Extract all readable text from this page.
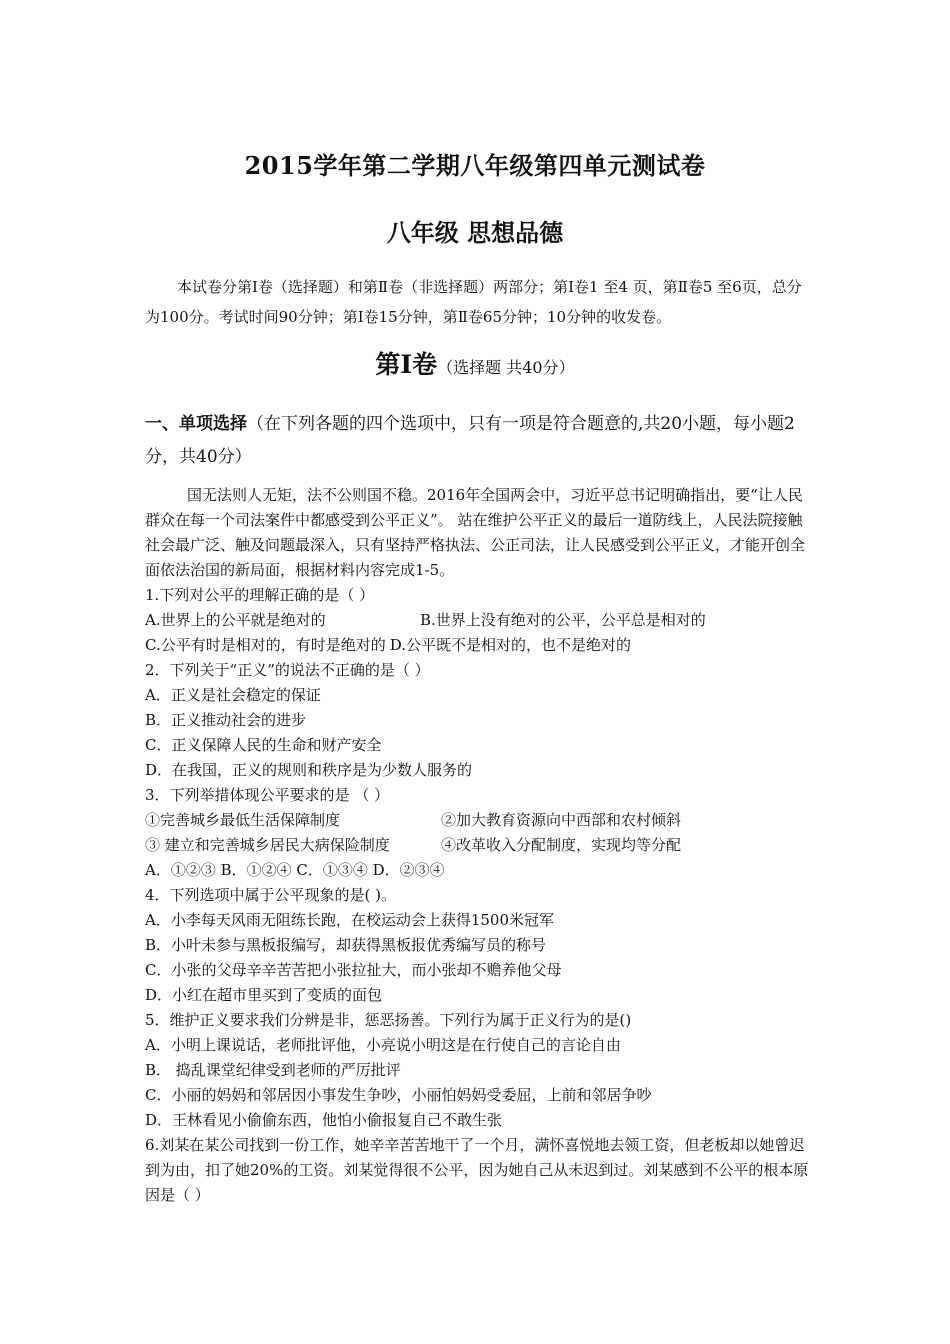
2015学年第二学期八年级第四单元测试卷
八年级 思想品德
本试卷分第Ⅰ卷（选择题）和第Ⅱ卷（非选择题）两部分；第Ⅰ卷1 至4 页，第Ⅱ卷5 至6页，总分为100分。考试时间90分钟；第Ⅰ卷15分钟，第Ⅱ卷65分钟；10分钟的收发卷。
第Ⅰ卷（选择题 共40分）
一、单项选择（在下列各题的四个选项中，只有一项是符合题意的,共20小题，每小题2分，共40分）

国无法则人无矩，法不公则国不稳。2016年全国两会中，习近平总书记明确指出，要“让人民群众在每一个司法案件中都感受到公平正义”。 站在维护公平正义的最后一道防线上，人民法院接触社会最广泛、触及问题最深入，只有坚持严格执法、公正司法，让人民感受到公平正义，才能开创全面依法治国的新局面，根据材料内容完成1-5。

1.下列对公平的理解正确的是（ ）

A.世界上的公平就是绝对的	B.世界上没有绝对的公平，公平总是相对的
C.公平有时是相对的，有时是绝对的 D.公平既不是相对的，也不是绝对的

2．下列关于“正义”的说法不正确的是（ ）

A．正义是社会稳定的保证

B．正义推动社会的进步

C．正义保障人民的生命和财产安全

D．在我国，正义的规则和秩序是为少数人服务的

3．下列举措体现公平要求的是 （ ）

①完善城乡最低生活保障制度	②加大教育资源向中西部和农村倾斜
③ 建立和完善城乡居民大病保险制度	④改革收入分配制度，实现均等分配

A．①②③ B．①②④ C．①③④ D．②③④

4．下列选项中属于公平现象的是( )。

A．小李每天风雨无阻练长跑，在校运动会上获得1500米冠军

B．小叶未参与黑板报编写，却获得黑板报优秀编写员的称号

C．小张的父母辛辛苦苦把小张拉扯大，而小张却不赡养他父母

D．小红在超市里买到了变质的面包

5．维护正义要求我们分辨是非，惩恶扬善。下列行为属于正义行为的是()

A．小明上课说话，老师批评他，小亮说小明这是在行使自己的言论自由

B． 捣乱课堂纪律受到老师的严厉批评

C．小丽的妈妈和邻居因小事发生争吵，小丽怕妈妈受委屈，上前和邻居争吵

D．王林看见小偷偷东西，他怕小偷报复自己不敢生张

6.刘某在某公司找到一份工作，她辛辛苦苦地干了一个月，满怀喜悦地去领工资，但老板却以她曾迟到为由，扣了她20%的工资。刘某觉得很不公平，因为她自己从未迟到过。刘某感到不公平的根本原因是（ ）
